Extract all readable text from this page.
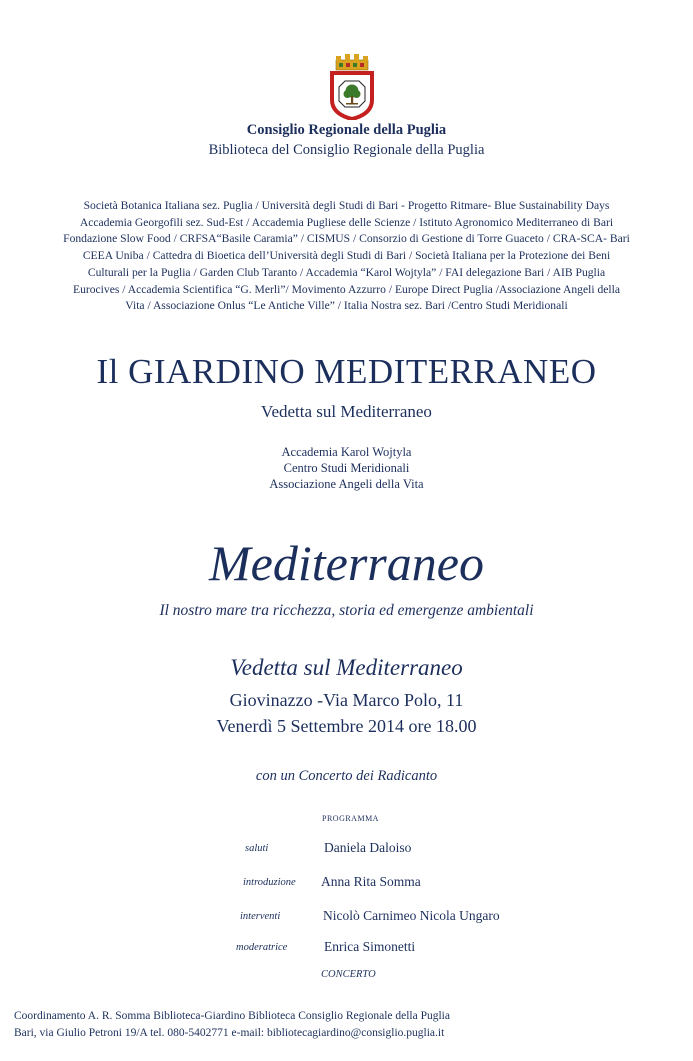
Consiglio Regionale della Puglia
Biblioteca del Consiglio Regionale della Puglia
Società Botanica Italiana sez. Puglia / Università degli Studi di Bari - Progetto Ritmare- Blue Sustainability Days
Accademia Georgofili sez. Sud-Est / Accademia Pugliese delle Scienze / Istituto Agronomico Mediterraneo di Bari
Fondazione Slow Food / CRFSA“Basile Caramia” / CISMUS / Consorzio di Gestione di Torre Guaceto / CRA-SCA- Bari
CEEA Uniba / Cattedra di Bioetica dell’Università degli Studi di Bari / Società Italiana per la Protezione dei Beni
Culturali per la Puglia / Garden Club Taranto / Accademia “Karol Wojtyla” / FAI delegazione Bari / AIB Puglia
Eurocives / Accademia Scientifica “G. Merli”/ Movimento Azzurro / Europe Direct Puglia /Associazione Angeli della
Vita / Associazione Onlus “Le Antiche Ville” / Italia Nostra sez. Bari /Centro Studi Meridionali
Il GIARDINO MEDITERRANEO
Vedetta sul Mediterraneo
Accademia Karol Wojtyla
Centro Studi Meridionali
Associazione Angeli della Vita
Mediterraneo
Il nostro mare tra ricchezza, storia ed emergenze ambientali
Vedetta sul Mediterraneo
Giovinazzo -Via Marco Polo, 11
Venerdì 5 Settembre 2014 ore 18.00
con un Concerto dei Radicanto
PROGRAMMA
saluti	Daniela Daloiso
introduzione Anna Rita Somma
interventi	Nicolò Carnimeo Nicola Ungaro
moderatrice	Enrica Simonetti
CONCERTO
Coordinamento A. R. Somma Biblioteca-Giardino Biblioteca Consiglio Regionale della Puglia
Bari, via Giulio Petroni 19/A tel. 080-5402771 e-mail: bibliotecagiardino@consiglio.puglia.it
